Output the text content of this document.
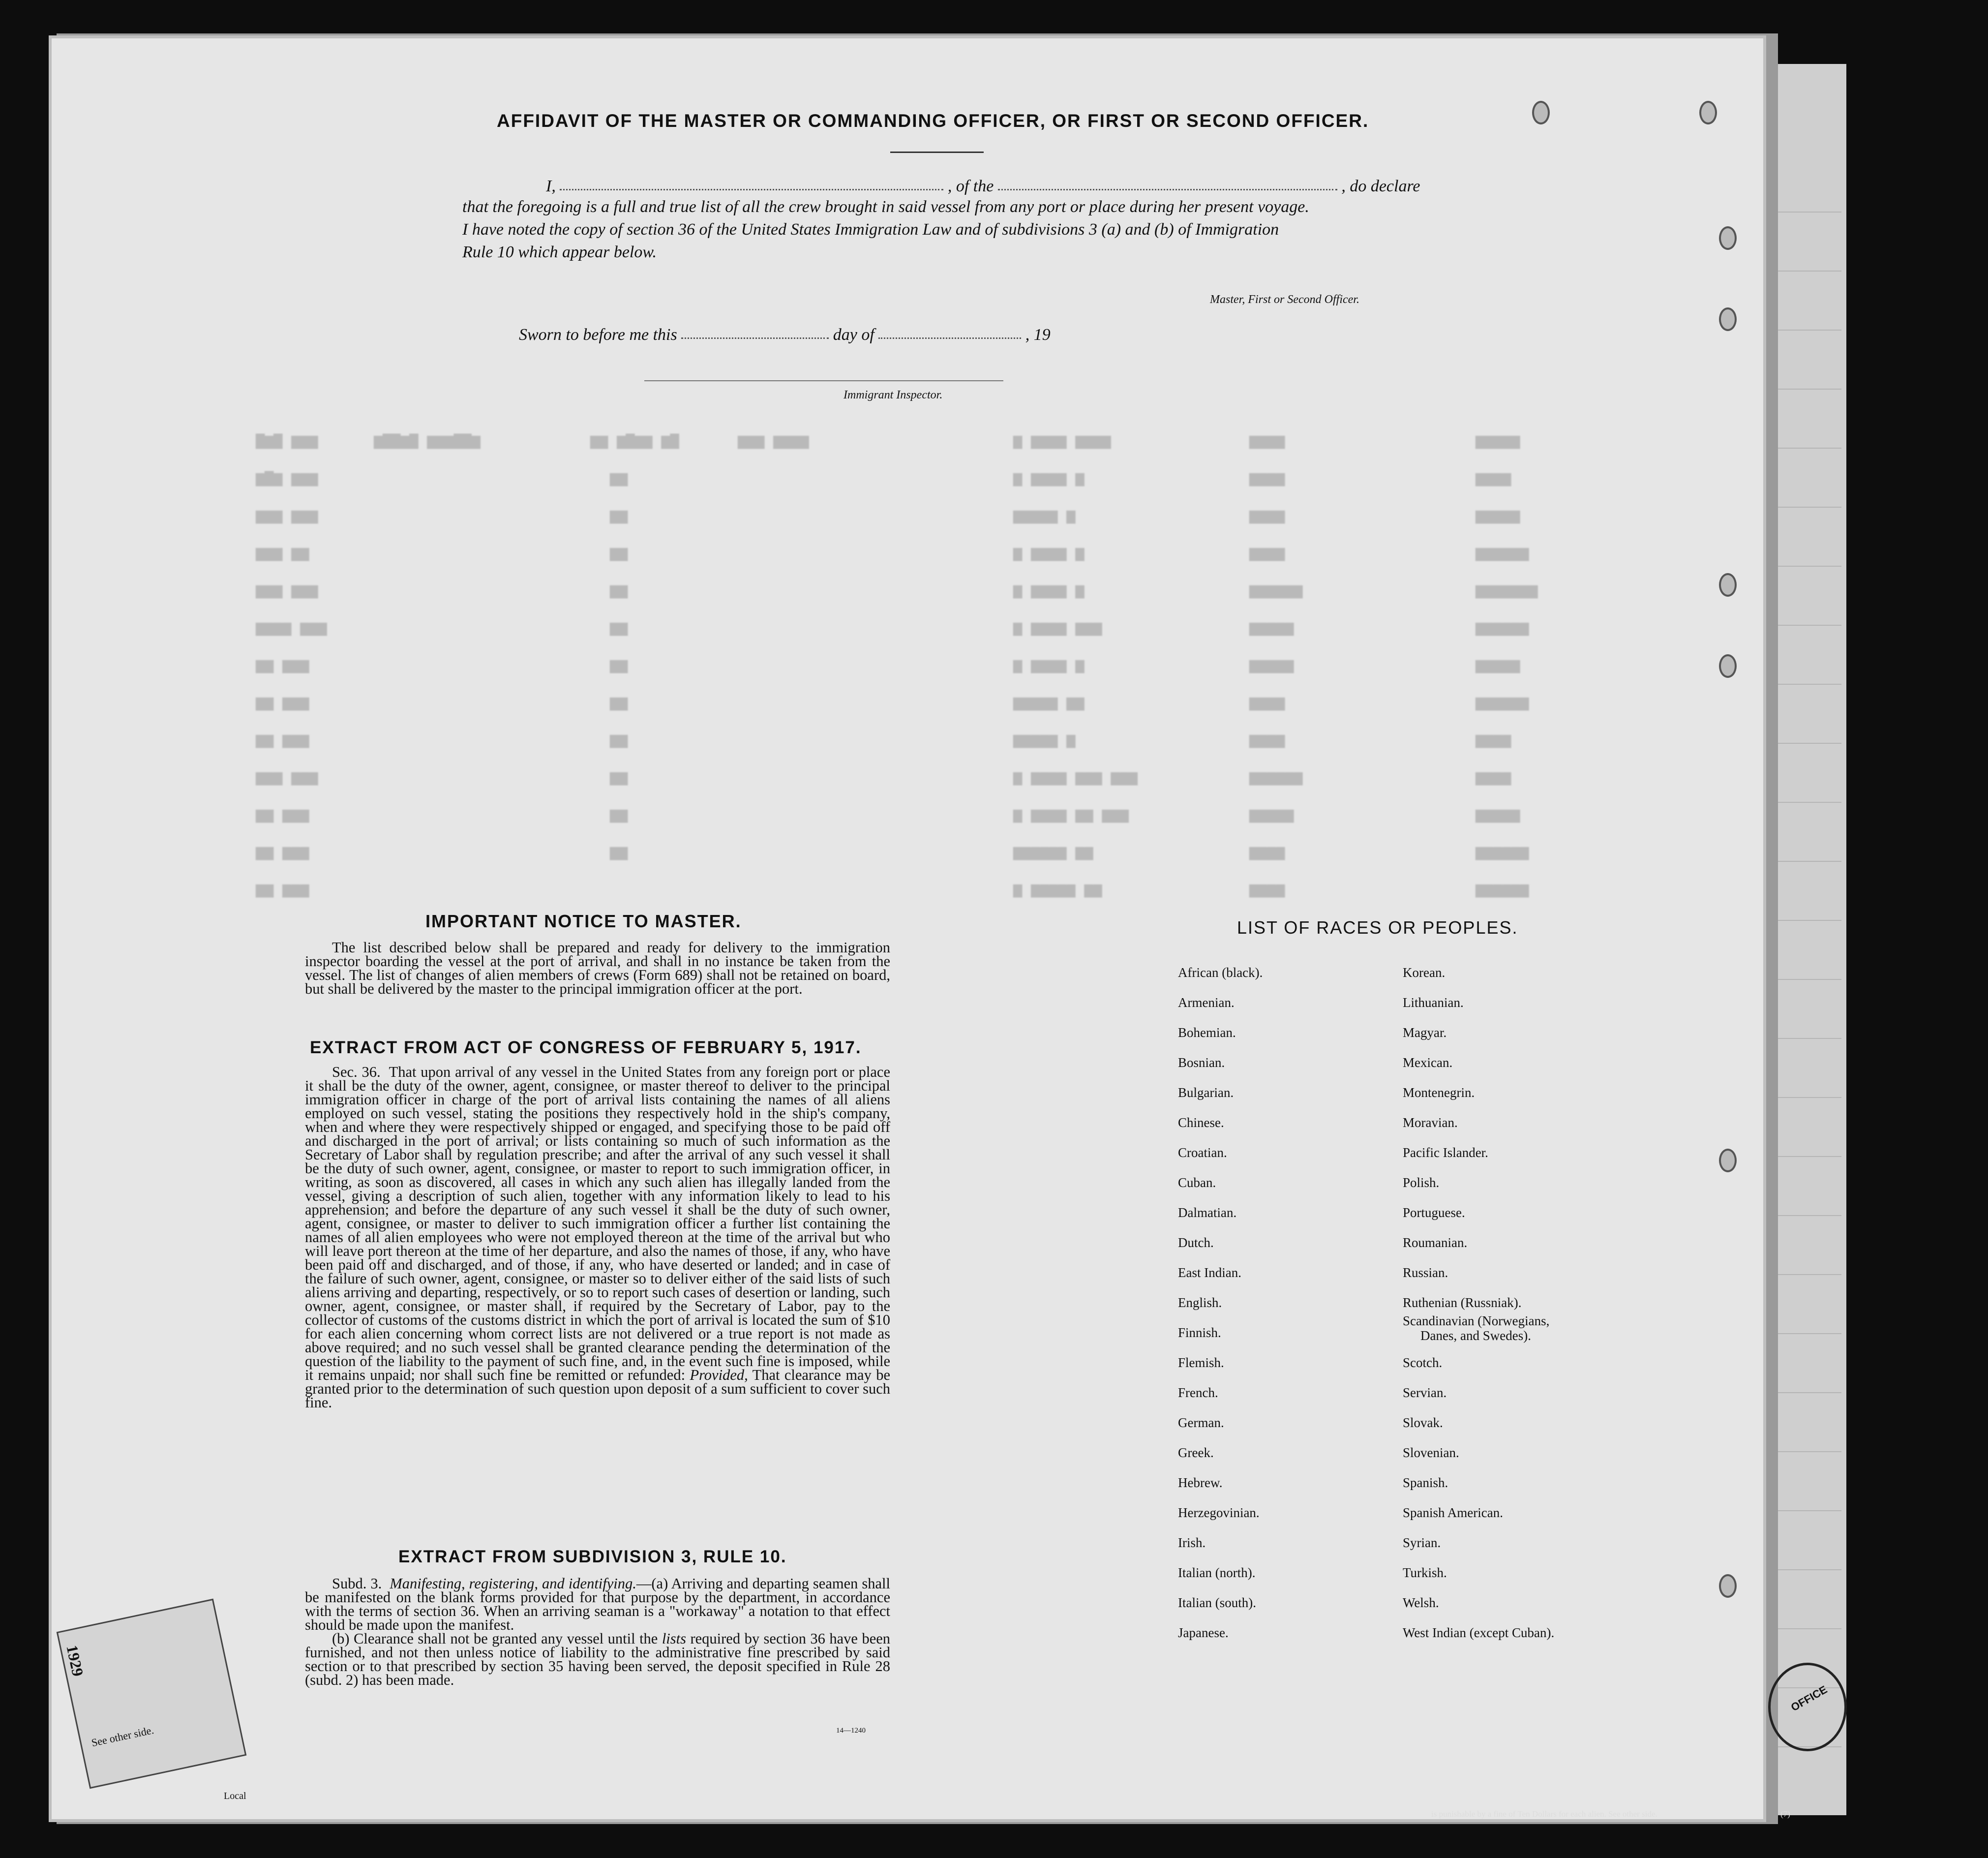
AFFIDAVIT OF THE MASTER OR COMMANDING OFFICER, OR FIRST OR SECOND OFFICER.
I,	, of the	, do declare
that the foregoing is a full and true list of all the crew brought in said vessel from any port or place during her present voyage.
I have noted the copy of section 36 of the United States Immigration Law and of subdivisions 3 (a) and (b) of Immigration
Rule 10 which appear below.
Master, First or Second Officer.
Sworn to before me this	day of	, 19
Immigrant Inspector.
▇▆▇ ▆▆▆	▆▇▇▆▇ ▆▆▆▇▇▆	▆▆ ▆▇▆▆ ▆▇	▆▆▆ ▆▆▆▆	▆ ▆▆▆▆ ▆▆▆▆	▆▆▆▆	▆▆▆▆▆
▆▇▆ ▆▆▆	▆▆	▆ ▆▆▆▆ ▆	▆▆▆▆	▆▆▆▆
▆▆▆ ▆▆▆	▆▆	▆▆▆▆▆ ▆	▆▆▆▆	▆▆▆▆▆
▆▆▆ ▆▆	▆▆	▆ ▆▆▆▆ ▆	▆▆▆▆	▆▆▆▆▆▆
▆▆▆ ▆▆▆	▆▆	▆ ▆▆▆▆ ▆	▆▆▆▆▆▆	▆▆▆▆▆▆▆
▆▆▆▆ ▆▆▆	▆▆	▆ ▆▆▆▆ ▆▆▆	▆▆▆▆▆	▆▆▆▆▆▆
▆▆ ▆▆▆	▆▆	▆ ▆▆▆▆ ▆	▆▆▆▆▆	▆▆▆▆▆
▆▆ ▆▆▆	▆▆	▆▆▆▆▆ ▆▆	▆▆▆▆	▆▆▆▆▆▆
▆▆ ▆▆▆	▆▆	▆▆▆▆▆ ▆	▆▆▆▆	▆▆▆▆
▆▆▆ ▆▆▆	▆▆	▆ ▆▆▆▆ ▆▆▆ ▆▆▆	▆▆▆▆▆▆	▆▆▆▆
▆▆ ▆▆▆	▆▆	▆ ▆▆▆▆ ▆▆ ▆▆▆	▆▆▆▆▆	▆▆▆▆▆
▆▆ ▆▆▆	▆▆	▆▆▆▆▆▆ ▆▆	▆▆▆▆	▆▆▆▆▆▆
▆▆ ▆▆▆	▆ ▆▆▆▆▆ ▆▆	▆▆▆▆	▆▆▆▆▆▆
IMPORTANT NOTICE TO MASTER.

The list described below shall be prepared and ready for delivery to the immigration inspector boarding the vessel at the port of arrival, and shall in no instance be taken from the vessel. The list of changes of alien members of crews (Form 689) shall not be retained on board, but shall be delivered by the master to the principal immigration officer at the port.

EXTRACT FROM ACT OF CONGRESS OF FEBRUARY 5, 1917.

Sec. 36. That upon arrival of any vessel in the United States from any foreign port or place it shall be the duty of the owner, agent, consignee, or master thereof to deliver to the principal immigration officer in charge of the port of arrival lists containing the names of all aliens employed on such vessel, stating the positions they respectively hold in the ship's company, when and where they were respectively shipped or engaged, and specifying those to be paid off and discharged in the port of arrival; or lists containing so much of such information as the Secretary of Labor shall by regulation prescribe; and after the arrival of any such vessel it shall be the duty of such owner, agent, consignee, or master to report to such immigration officer, in writing, as soon as discovered, all cases in which any such alien has illegally landed from the vessel, giving a description of such alien, together with any information likely to lead to his apprehension; and before the departure of any such vessel it shall be the duty of such owner, agent, consignee, or master to deliver to such immigration officer a further list containing the names of all alien employees who were not employed thereon at the time of the arrival but who will leave port thereon at the time of her departure, and also the names of those, if any, who have been paid off and discharged, and of those, if any, who have deserted or landed; and in case of the failure of such owner, agent, consignee, or master so to deliver either of the said lists of such aliens arriving and departing, respectively, or so to report such cases of desertion or landing, such owner, agent, consignee, or master shall, if required by the Secretary of Labor, pay to the collector of customs of the customs district in which the port of arrival is located the sum of $10 for each alien concerning whom correct lists are not delivered or a true report is not made as above required; and no such vessel shall be granted clearance pending the determination of the question of the liability to the payment of such fine, and, in the event such fine is imposed, while it remains unpaid; nor shall such fine be remitted or refunded: Provided, That clearance may be granted prior to the determination of such question upon deposit of a sum sufficient to cover such fine.

EXTRACT FROM SUBDIVISION 3, RULE 10.

Subd. 3. Manifesting, registering, and identifying.—(a) Arriving and departing seamen shall be manifested on the blank forms provided for that purpose by the department, in accordance with the terms of section 36. When an arriving seaman is a "workaway" a notation to that effect should be made upon the manifest.

(b) Clearance shall not be granted any vessel until the lists required by section 36 have been furnished, and not then unless notice of liability to the administrative fine prescribed by said section or to that prescribed by section 35 having been served, the deposit specified in Rule 28 (subd. 2) has been made.

14—1240
LIST OF RACES OR PEOPLES.
African (black).
Armenian.
Bohemian.
Bosnian.
Bulgarian.
Chinese.
Croatian.
Cuban.
Dalmatian.
Dutch.
East Indian.
English.
Finnish.
Flemish.
French.
German.
Greek.
Hebrew.
Herzegovinian.
Irish.
Italian (north).
Italian (south).
Japanese.
Korean.
Lithuanian.
Magyar.
Mexican.
Montenegrin.
Moravian.
Pacific Islander.
Polish.
Portuguese.
Roumanian.
Russian.
Ruthenian (Russniak).
Scandinavian (Norwegians,
Danes, and Swedes).
Scotch.
Servian.
Slovak.
Slovenian.
Spanish.
Spanish American.
Syrian.
Turkish.
Welsh.
West Indian (except Cuban).
OFFICE
1929
See other side.
Local
is punishable by a fine of Ten Dollars for each alien. See other side.	(7)
